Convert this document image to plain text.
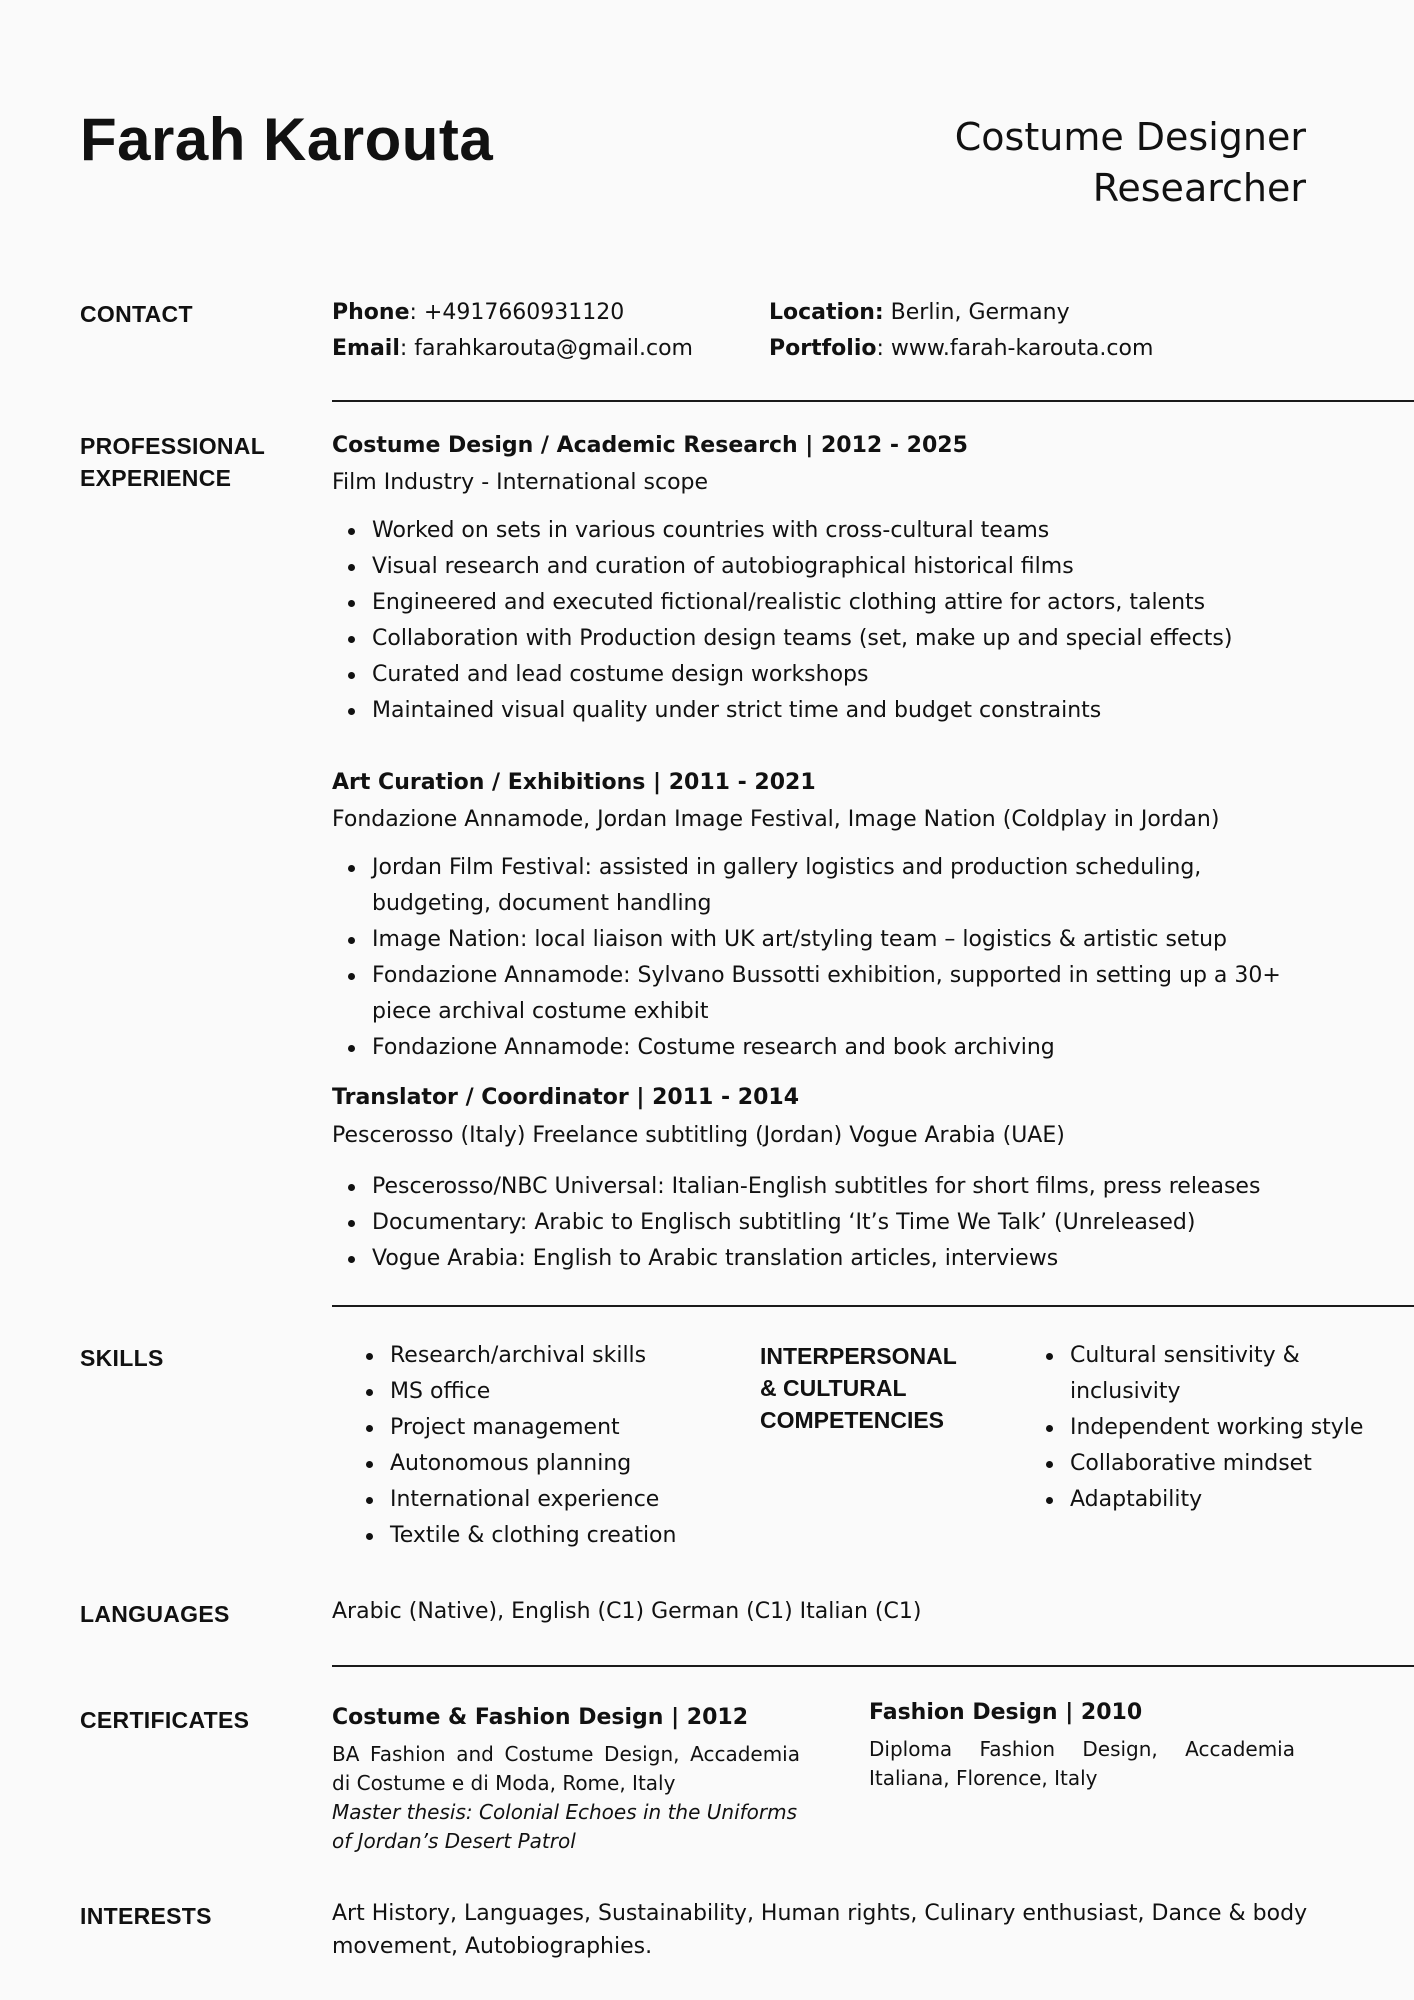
Farah Karouta	Costume Designer
Researcher
CONTACT	Phone: +4917660931120
Email: farahkarouta@gmail.com
Location: Berlin, Germany
Portfolio: www.farah-karouta.com
PROFESSIONAL
EXPERIENCE
Costume Design / Academic Research | 2012 - 2025
Film Industry - International scope
Worked on sets in various countries with cross-cultural teams
Visual research and curation of autobiographical historical films
Engineered and executed fictional/realistic clothing attire for actors, talents
Collaboration with Production design teams (set, make up and special effects)
Curated and lead costume design workshops
Maintained visual quality under strict time and budget constraints
Art Curation / Exhibitions | 2011 - 2021
Fondazione Annamode, Jordan Image Festival, Image Nation (Coldplay in Jordan)
Jordan Film Festival: assisted in gallery logistics and production scheduling, budgeting, document handling
Image Nation: local liaison with UK art/styling team – logistics & artistic setup
Fondazione Annamode: Sylvano Bussotti exhibition, supported in setting up a 30+ piece archival costume exhibit
Fondazione Annamode: Costume research and book archiving
Translator / Coordinator | 2011 - 2014
Pescerosso (Italy) Freelance subtitling (Jordan) Vogue Arabia (UAE)
Pescerosso/NBC Universal: Italian-English subtitles for short films, press releases
Documentary: Arabic to Englisch subtitling ‘It’s Time We Talk’ (Unreleased)
Vogue Arabia: English to Arabic translation articles, interviews
SKILLS	Research/archival skills
MS office
Project management
Autonomous planning
International experience
Textile & clothing creation
INTERPERSONAL
& CULTURAL
COMPETENCIES
Cultural sensitivity & inclusivity
Independent working style
Collaborative mindset
Adaptability
LANGUAGES	Arabic (Native), English (C1) German (C1) Italian (C1)
CERTIFICATES	Costume & Fashion Design | 2012
BA Fashion and Costume Design, Accademia di Costume e di Moda, Rome, Italy
Master thesis: Colonial Echoes in the Uniforms of Jordan’s Desert Patrol
Fashion Design | 2010
Diploma Fashion Design, Accademia Italiana, Florence, Italy
INTERESTS	Art History, Languages, Sustainability, Human rights, Culinary enthusiast, Dance & body movement, Autobiographies.
